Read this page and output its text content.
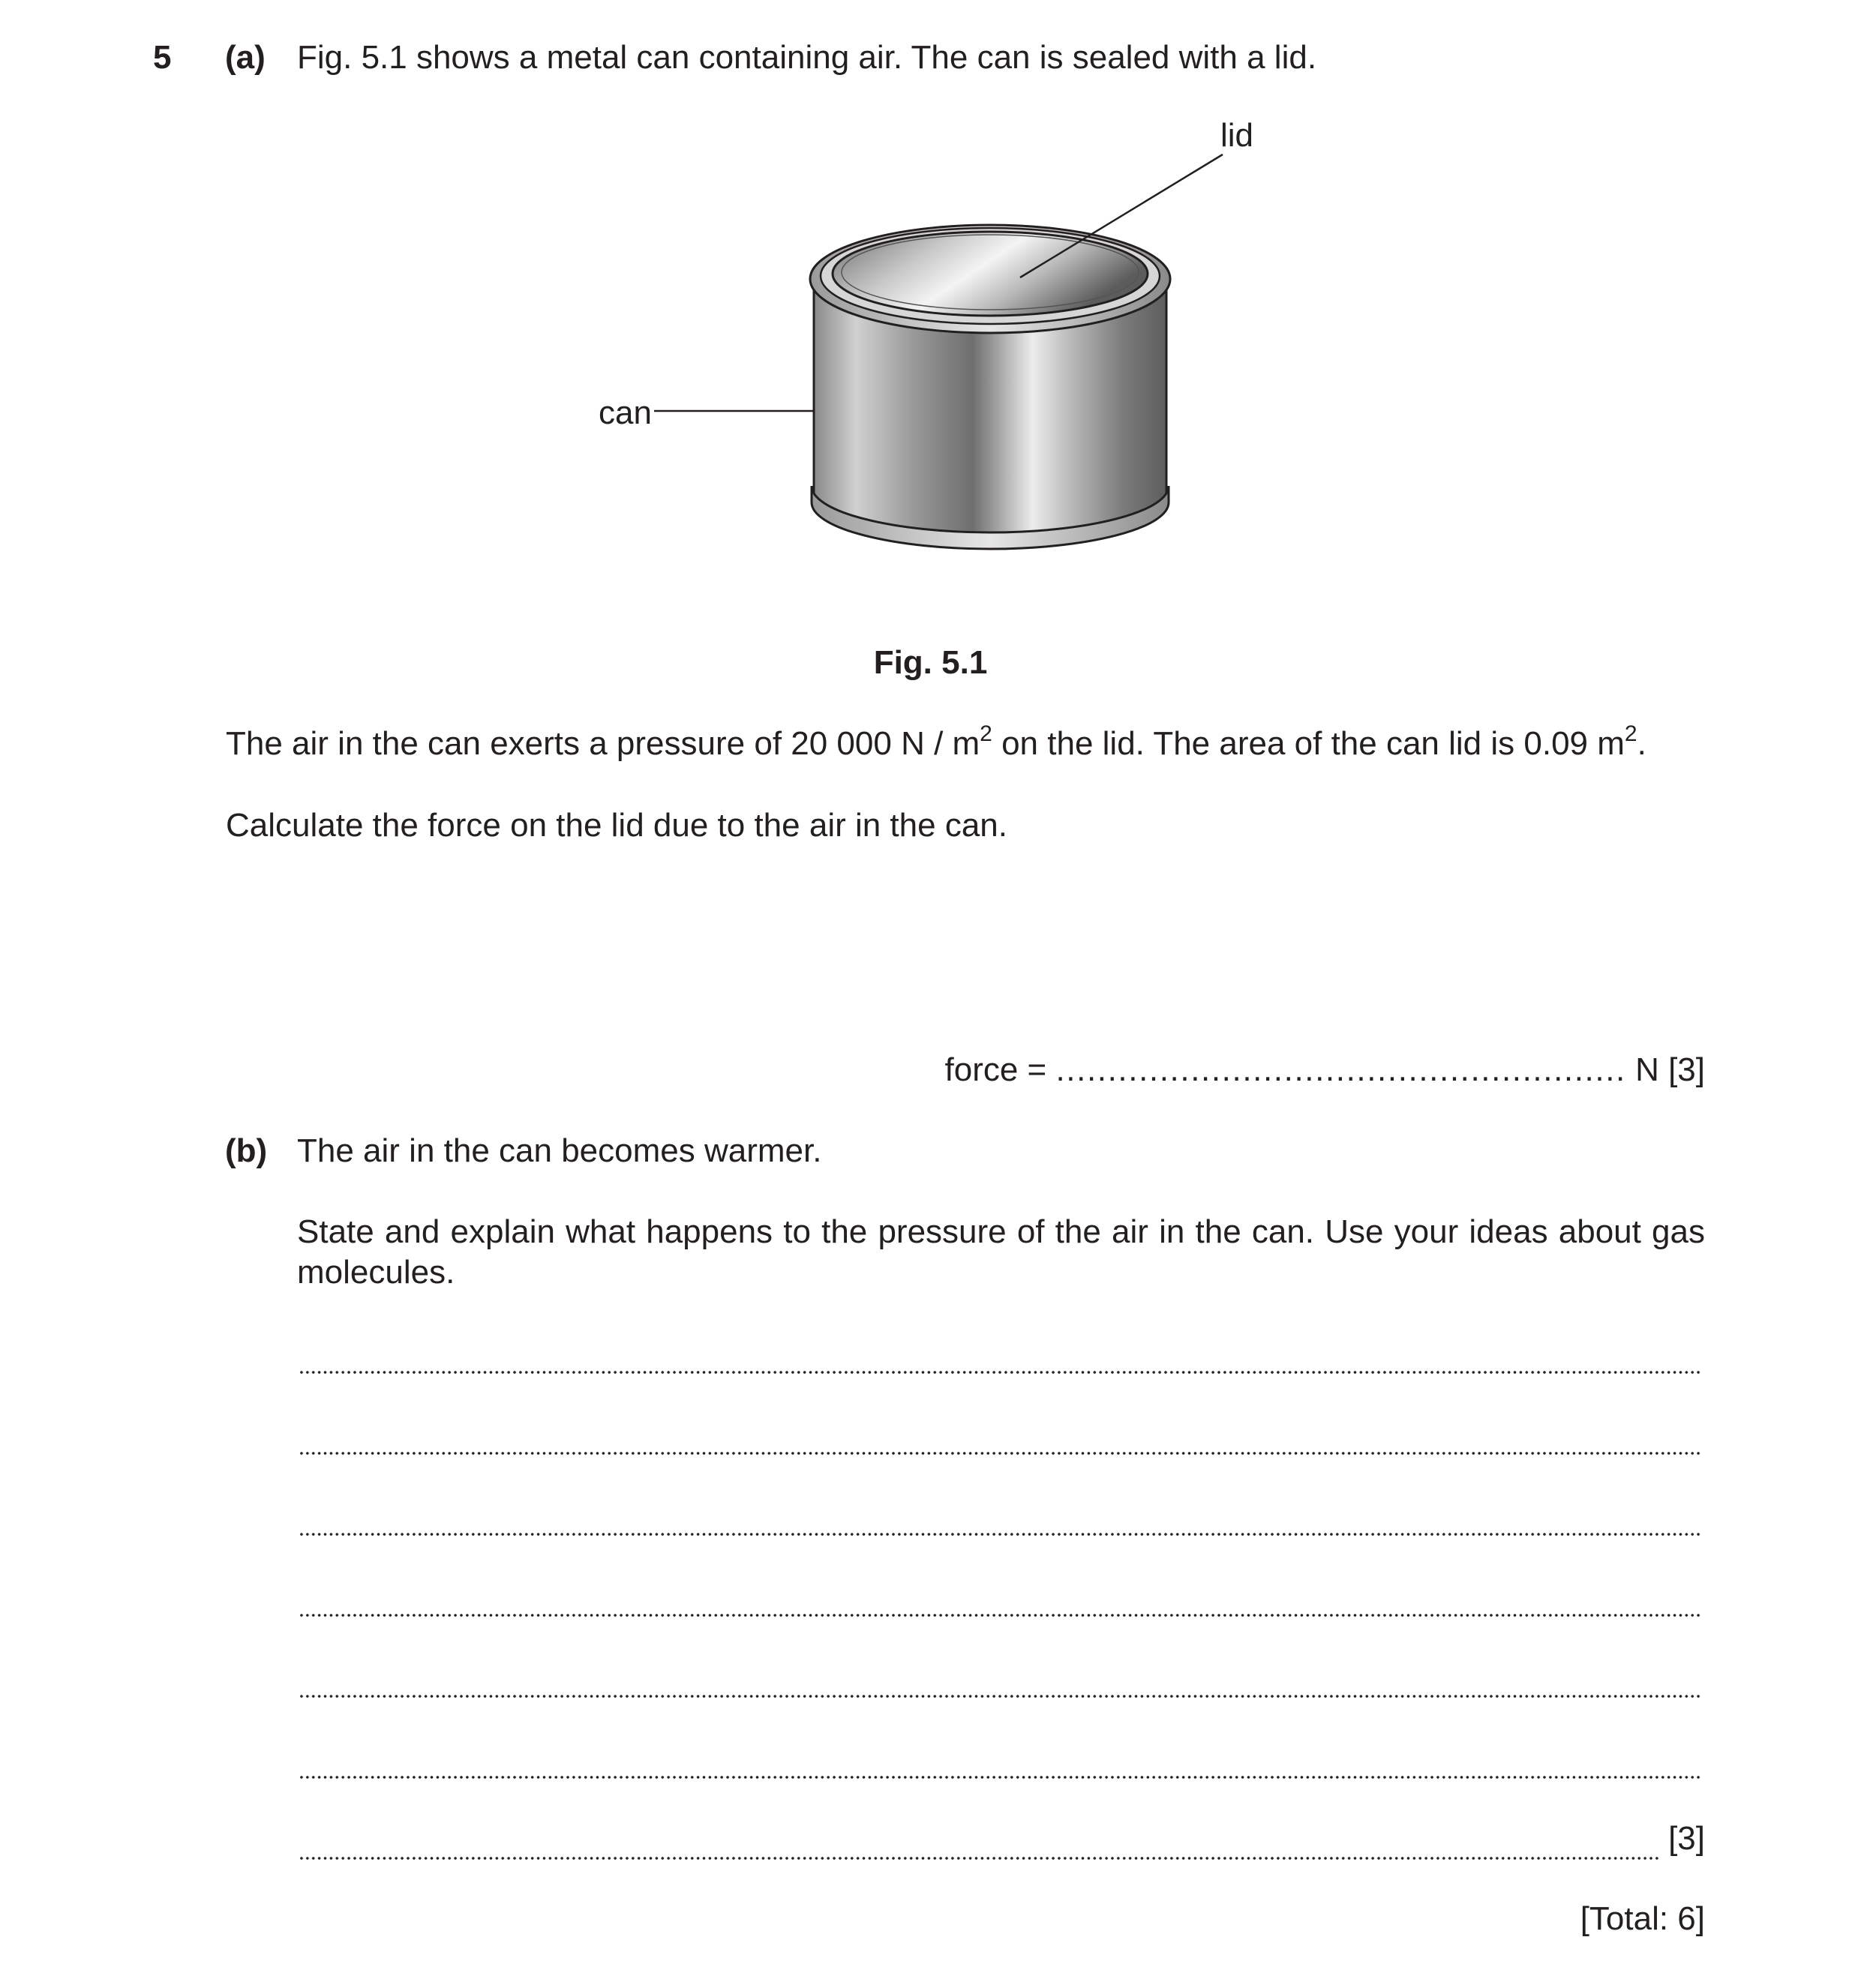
5 (a) Fig. 5.1 shows a metal can containing air. The can is sealed with a lid.
lid
can
Fig. 5.1
The air in the can exerts a pressure of 20 000 N / $m^2$ on the lid. The area of the can lid is 0.09 $m^2$.
Calculate the force on the lid due to the air in the can.
force = ....................................................... N [3]
(b) The air in the can becomes warmer.
State and explain what happens to the pressure of the air in the can. Use your ideas about gas molecules.
[3]
[Total: 6]
